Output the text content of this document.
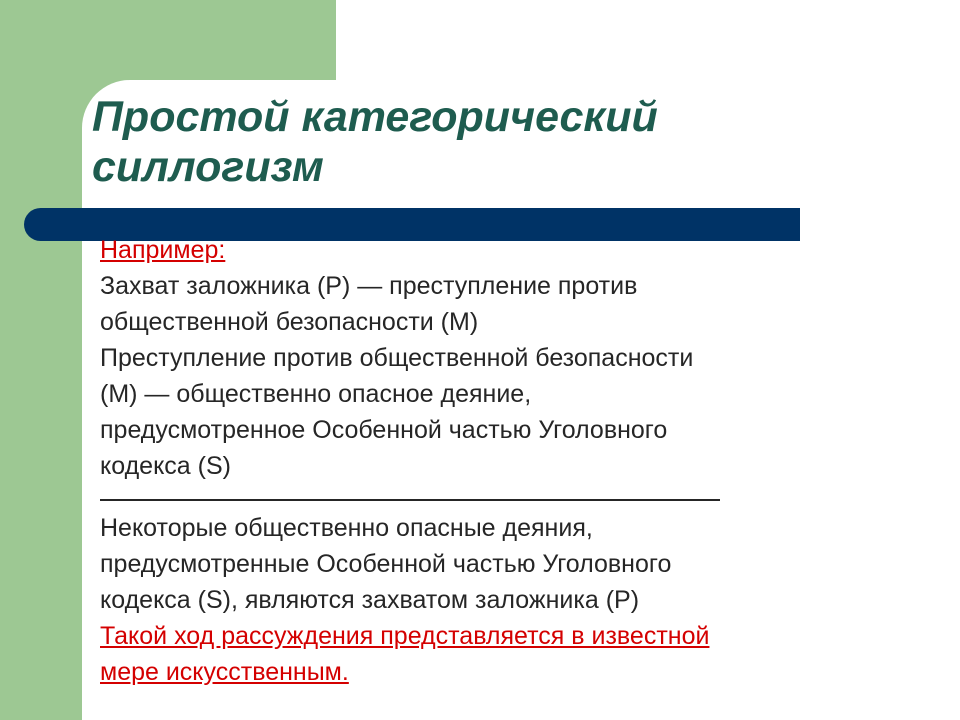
Простой категорический
силлогизм

Например:

Захват заложника (Р) — преступление против

общественной безопасности (М)

Преступление против общественной безопасности

(М) — общественно опасное деяние,

предусмотренное Особенной частью Уголовного

кодекса (S)

Некоторые общественно опасные деяния,

предусмотренные Особенной частью Уголовного

кодекса (S), являются захватом заложника (Р)

Такой ход рассуждения представляется в известной

мере искусственным.
